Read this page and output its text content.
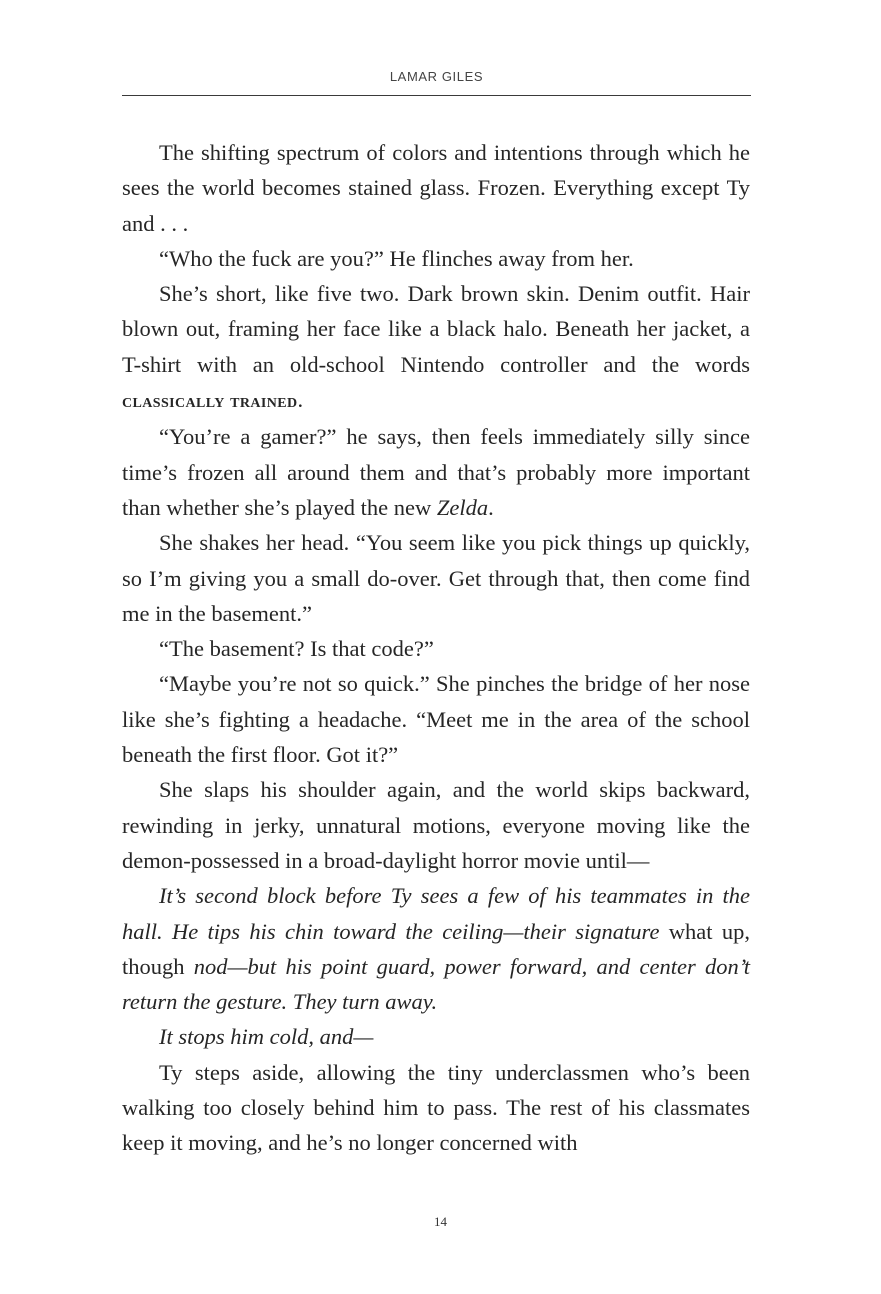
LAMAR GILES

The shifting spectrum of colors and intentions through which he sees the world becomes stained glass. Frozen. Everything except Ty and . . .

“Who the fuck are you?” He flinches away from her.

She’s short, like five two. Dark brown skin. Denim outfit. Hair blown out, framing her face like a black halo. Beneath her jacket, a T-shirt with an old-school Nintendo controller and the words classically trained.

“You’re a gamer?” he says, then feels immediately silly since time’s frozen all around them and that’s probably more important than whether she’s played the new Zelda.

She shakes her head. “You seem like you pick things up quickly, so I’m giving you a small do-over. Get through that, then come find me in the basement.”

“The basement? Is that code?”

“Maybe you’re not so quick.” She pinches the bridge of her nose like she’s fighting a headache. “Meet me in the area of the school beneath the first floor. Got it?”

She slaps his shoulder again, and the world skips backward, rewinding in jerky, unnatural motions, everyone moving like the demon-possessed in a broad-daylight horror movie until—

It’s second block before Ty sees a few of his teammates in the hall. He tips his chin toward the ceiling—their signature what up, though nod—but his point guard, power forward, and center don’t return the gesture. They turn away.

It stops him cold, and—

Ty steps aside, allowing the tiny underclassmen who’s been walking too closely behind him to pass. The rest of his classmates keep it moving, and he’s no longer concerned with

14
